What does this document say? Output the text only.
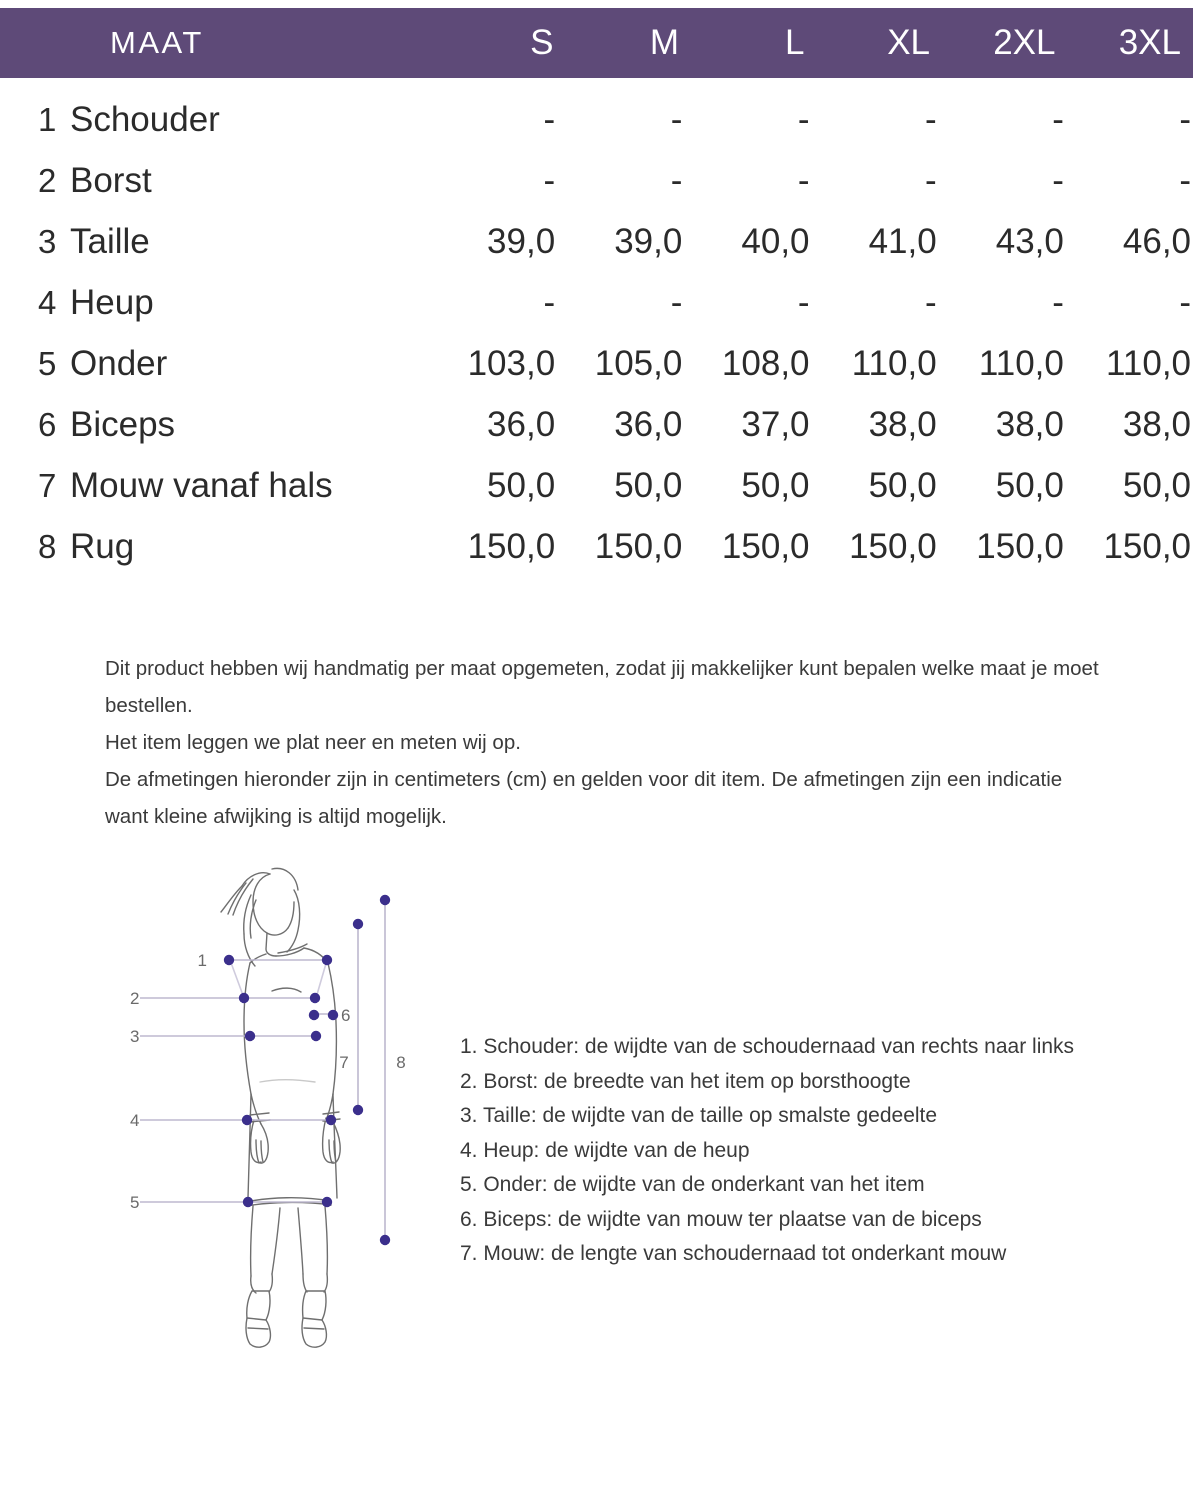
MAAT	S	M	L	XL	2XL	3XL
1 Schouder	-	-	-	-	-	-
2 Borst	-	-	-	-	-	-
3 Taille	39,0	39,0	40,0	41,0	43,0	46,0
4 Heup	-	-	-	-	-	-
5 Onder	103,0	105,0	108,0	110,0	110,0	110,0
6 Biceps	36,0	36,0	37,0	38,0	38,0	38,0
7 Mouw vanaf hals	50,0	50,0	50,0	50,0	50,0	50,0
8 Rug	150,0	150,0	150,0	150,0	150,0	150,0

Dit product hebben wij handmatig per maat opgemeten, zodat jij makkelijker kunt bepalen welke maat je moet bestellen.

Het item leggen we plat neer en meten wij op.

De afmetingen hieronder zijn in centimeters (cm) en gelden voor dit item. De afmetingen zijn een indicatie want kleine afwijking is altijd mogelijk.

1
2
3
4
5
6
7	8
1. Schouder: de wijdte van de schoudernaad van rechts naar links
2. Borst: de breedte van het item op borsthoogte
3. Taille: de wijdte van de taille op smalste gedeelte
4. Heup: de wijdte van de heup
5. Onder: de wijdte van de onderkant van het item
6. Biceps: de wijdte van mouw ter plaatse van de biceps
7. Mouw: de lengte van schoudernaad tot onderkant mouw
